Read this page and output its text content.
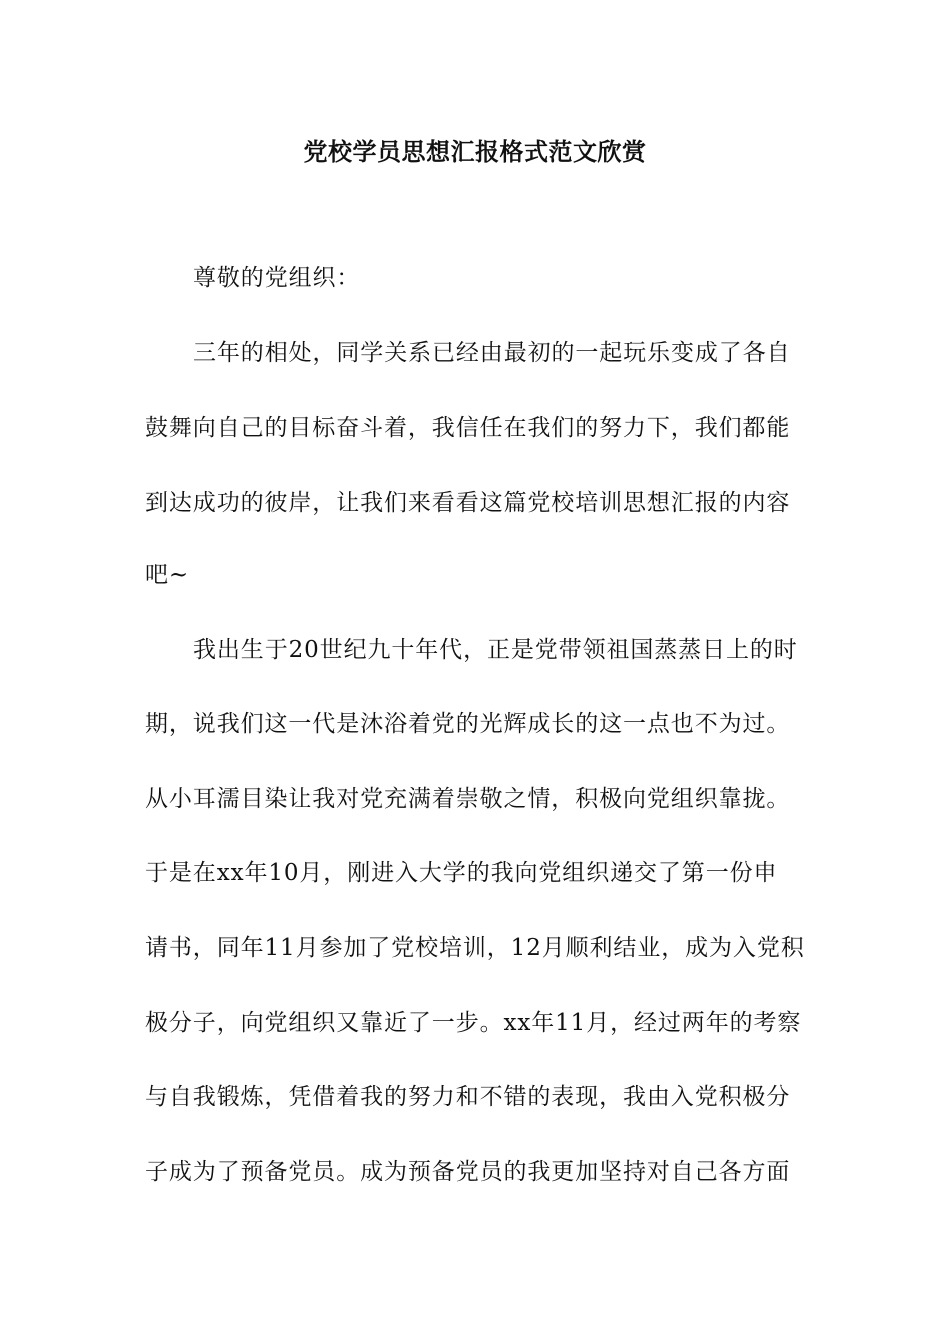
党校学员思想汇报格式范文欣赏
尊敬的党组织：
三年的相处，同学关系已经由最初的一起玩乐变成了各自
鼓舞向自己的目标奋斗着，我信任在我们的努力下，我们都能
到达成功的彼岸，让我们来看看这篇党校培训思想汇报的内容
吧~
我出生于20世纪九十年代，正是党带领祖国蒸蒸日上的时
期，说我们这一代是沐浴着党的光辉成长的这一点也不为过。
从小耳濡目染让我对党充满着崇敬之情，积极向党组织靠拢。
于是在xx年10月，刚进入大学的我向党组织递交了第一份申
请书，同年11月参加了党校培训，12月顺利结业，成为入党积
极分子，向党组织又靠近了一步。xx年11月，经过两年的考察
与自我锻炼，凭借着我的努力和不错的表现，我由入党积极分
子成为了预备党员。成为预备党员的我更加坚持对自己各方面
